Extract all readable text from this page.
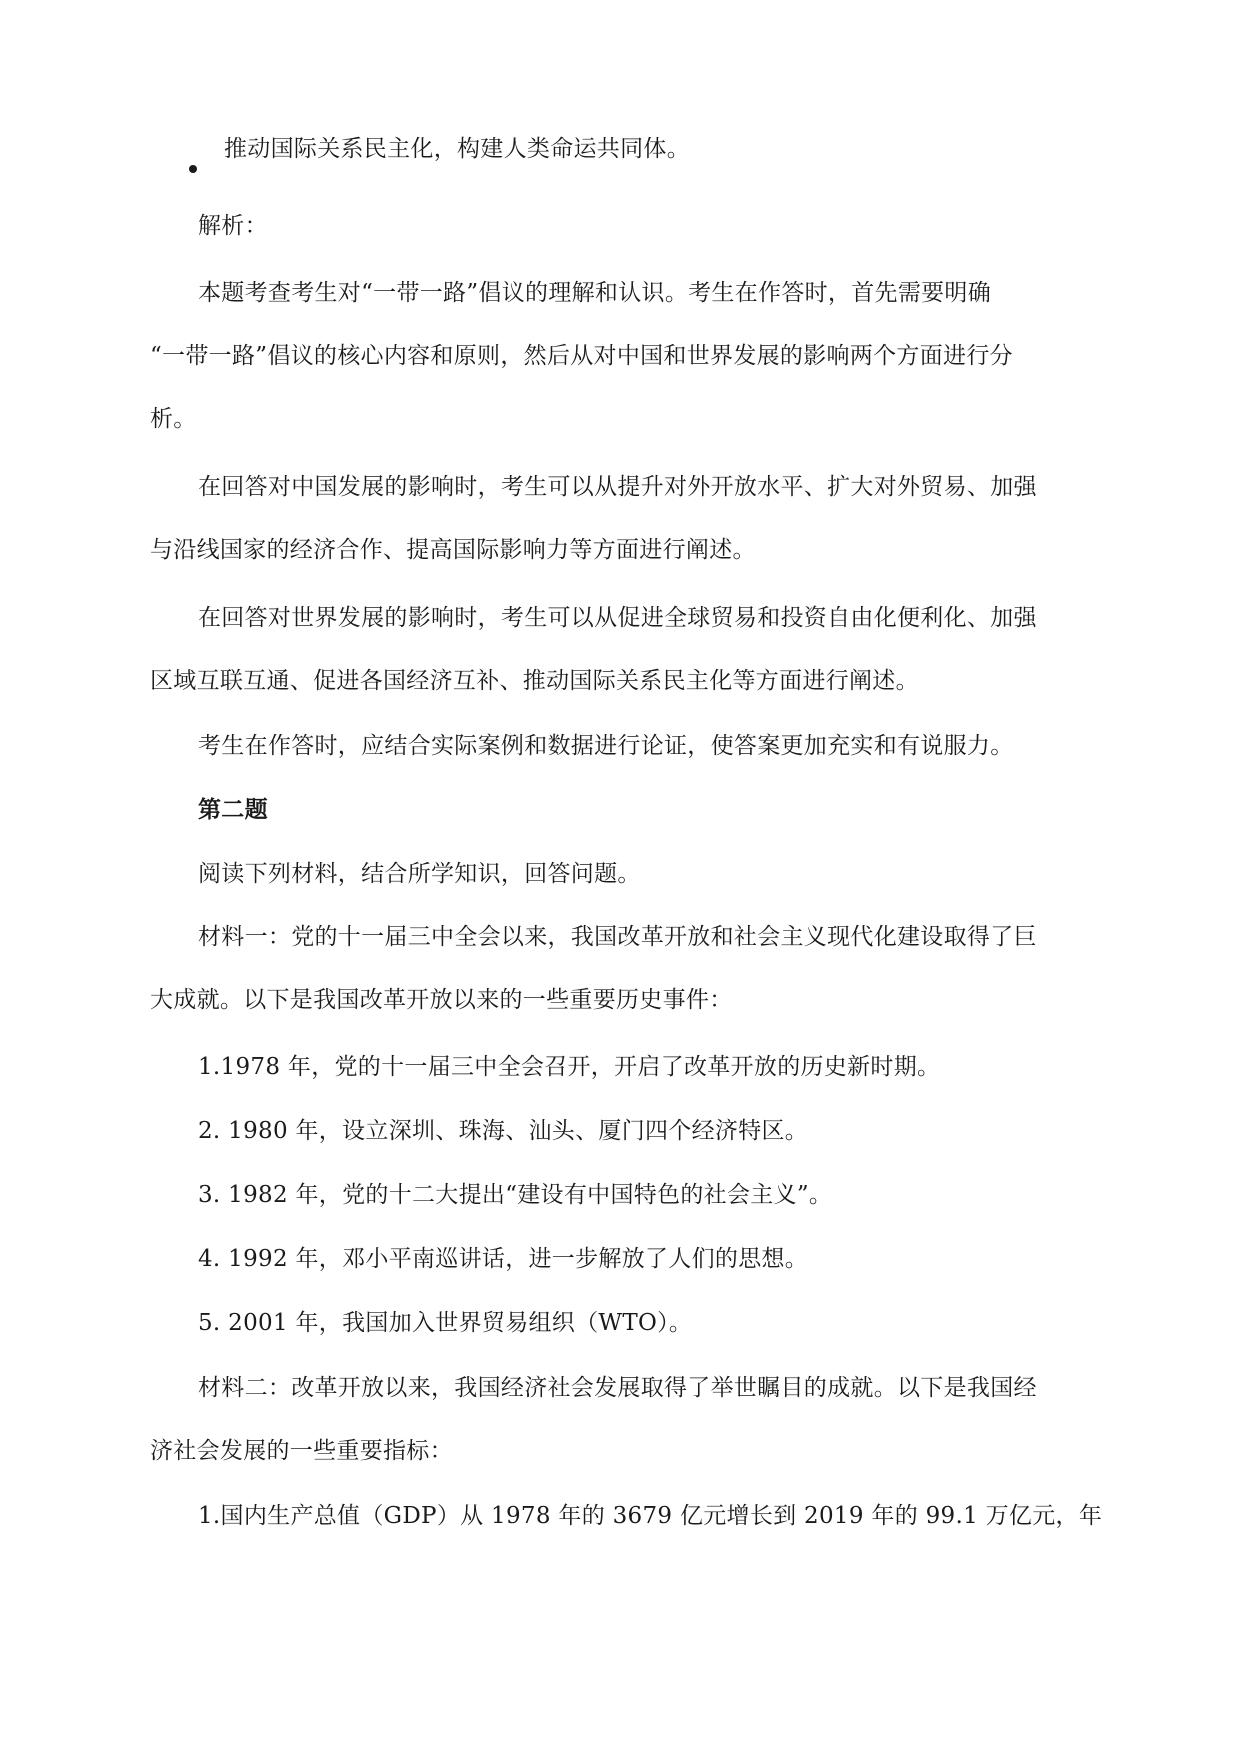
推动国际关系民主化，构建人类命运共同体。
解析：
本题考查考生对“一带一路”倡议的理解和认识。考生在作答时，首先需要明确
“一带一路”倡议的核心内容和原则，然后从对中国和世界发展的影响两个方面进行分
析。
在回答对中国发展的影响时，考生可以从提升对外开放水平、扩大对外贸易、加强
与沿线国家的经济合作、提高国际影响力等方面进行阐述。
在回答对世界发展的影响时，考生可以从促进全球贸易和投资自由化便利化、加强
区域互联互通、促进各国经济互补、推动国际关系民主化等方面进行阐述。
考生在作答时，应结合实际案例和数据进行论证，使答案更加充实和有说服力。
第二题
阅读下列材料，结合所学知识，回答问题。
材料一：党的十一届三中全会以来，我国改革开放和社会主义现代化建设取得了巨
大成就。以下是我国改革开放以来的一些重要历史事件：
1.1978 年，党的十一届三中全会召开，开启了改革开放的历史新时期。
2. 1980 年，设立深圳、珠海、汕头、厦门四个经济特区。
3. 1982 年，党的十二大提出“建设有中国特色的社会主义”。
4. 1992 年，邓小平南巡讲话，进一步解放了人们的思想。
5. 2001 年，我国加入世界贸易组织（WTO）。
材料二：改革开放以来，我国经济社会发展取得了举世瞩目的成就。以下是我国经
济社会发展的一些重要指标：
1.国内生产总值（GDP）从 1978 年的 3679 亿元增长到 2019 年的 99.1 万亿元，年
